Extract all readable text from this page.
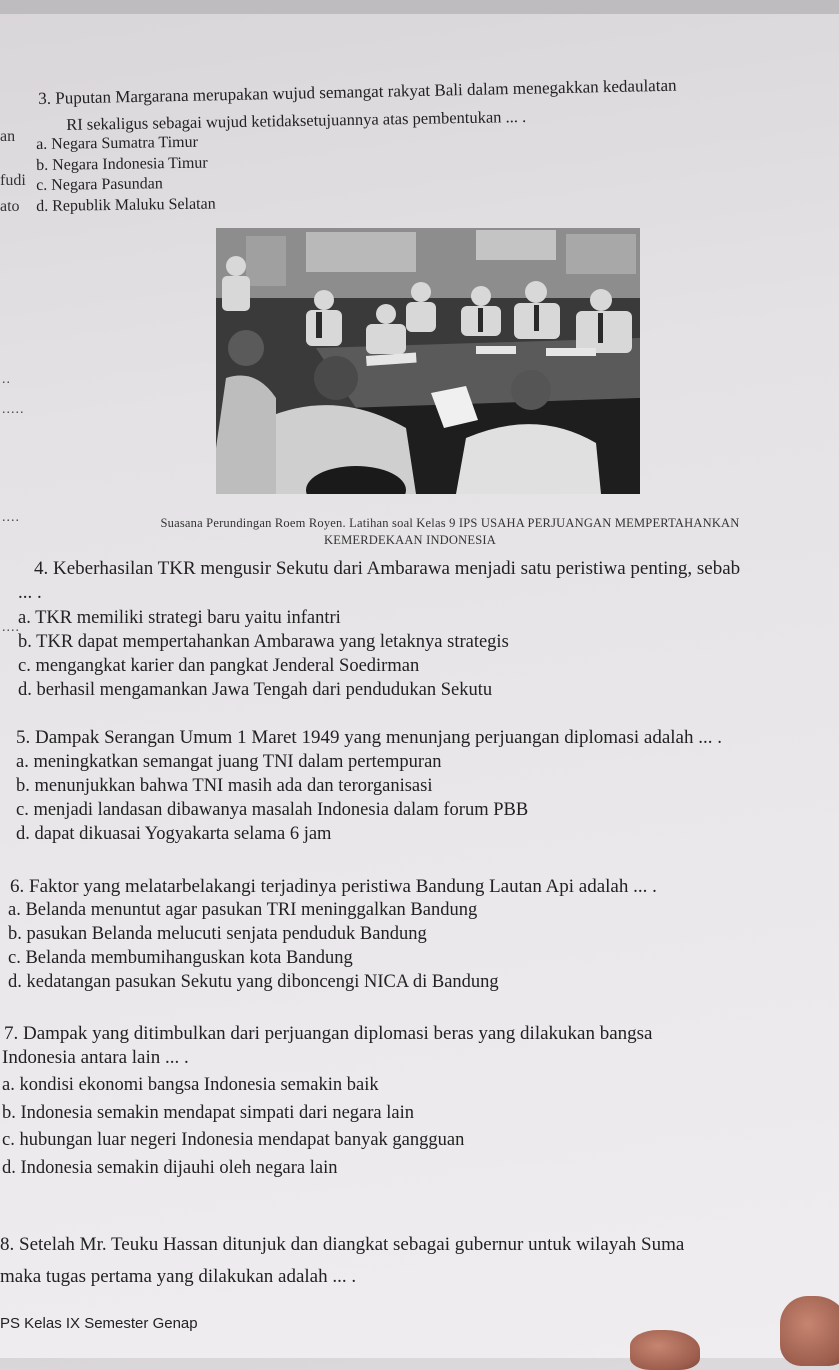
an
fudi
ato
..
.....
....
....
3. Puputan Margarana merupakan wujud semangat rakyat Bali dalam menegakkan kedaulatan
RI sekaligus sebagai wujud ketidaksetujuannya atas pembentukan ... .
a. Negara Sumatra Timur
b. Negara Indonesia Timur
c. Negara Pasundan
d. Republik Maluku Selatan
Suasana Perundingan Roem Royen. Latihan soal Kelas 9 IPS USAHA PERJUANGAN MEMPERTAHANKAN
KEMERDEKAAN INDONESIA
4. Keberhasilan TKR mengusir Sekutu dari Ambarawa menjadi satu peristiwa penting, sebab
... .
a. TKR memiliki strategi baru yaitu infantri
b. TKR dapat mempertahankan Ambarawa yang letaknya strategis
c. mengangkat karier dan pangkat Jenderal Soedirman
d. berhasil mengamankan Jawa Tengah dari pendudukan Sekutu
5. Dampak Serangan Umum 1 Maret 1949 yang menunjang perjuangan diplomasi adalah ... .
a. meningkatkan semangat juang TNI dalam pertempuran
b. menunjukkan bahwa TNI masih ada dan terorganisasi
c. menjadi landasan dibawanya masalah Indonesia dalam forum PBB
d. dapat dikuasai Yogyakarta selama 6 jam
6. Faktor yang melatarbelakangi terjadinya peristiwa Bandung Lautan Api adalah ... .
a. Belanda menuntut agar pasukan TRI meninggalkan Bandung
b. pasukan Belanda melucuti senjata penduduk Bandung
c. Belanda membumihanguskan kota Bandung
d. kedatangan pasukan Sekutu yang diboncengi NICA di Bandung
7. Dampak yang ditimbulkan dari perjuangan diplomasi beras yang dilakukan bangsa
Indonesia antara lain ... .
a. kondisi ekonomi bangsa Indonesia semakin baik
b. Indonesia semakin mendapat simpati dari negara lain
c. hubungan luar negeri Indonesia mendapat banyak gangguan
d. Indonesia semakin dijauhi oleh negara lain
8. Setelah Mr. Teuku Hassan ditunjuk dan diangkat sebagai gubernur untuk wilayah Suma
maka tugas pertama yang dilakukan adalah ... .
PS Kelas IX Semester Genap
